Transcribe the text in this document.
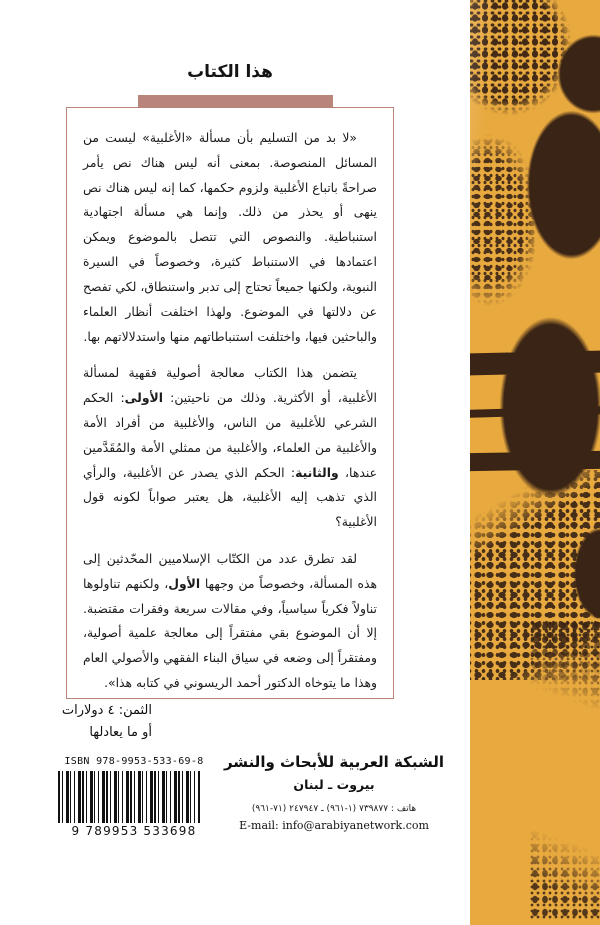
هذا الكتاب

«لا بد من التسليم بأن مسألة «الأغلبية» ليست من المسائل المنصوصة. بمعنى أنه ليس هناك نص يأمر صراحةً باتباع الأغلبية ولزوم حكمها، كما إنه ليس هناك نص ينهى أو يحذر من ذلك. وإنما هي مسألة اجتهادية استنباطية. والنصوص التي تتصل بالموضوع ويمكن اعتمادها في الاستنباط كثيرة، وخصوصاً في السيرة النبوية، ولكنها جميعاً تحتاج إلى تدبر واستنطاق، لكي تفصح عن دلالتها في الموضوع. ولهذا اختلفت أنظار العلماء والباحثين فيها، واختلفت استنباطاتهم منها واستدلالاتهم بها.

يتضمن هذا الكتاب معالجة أصولية فقهية لمسألة الأغلبية، أو الأكثرية. وذلك من ناحيتين: الأولى: الحكم الشرعي للأغلبية من الناس، والأغلبية من أفراد الأمة والأغلبية من العلماء، والأغلبية من ممثلي الأمة والمُقَدَّمين عندها، والثانية: الحكم الذي يصدر عن الأغلبية، والرأي الذي تذهب إليه الأغلبية، هل يعتبر صواباً لكونه قول الأغلبية؟

لقد تطرق عدد من الكتّاب الإسلاميين المحّدثين إلى هذه المسألة، وخصوصاً من وجهها الأول، ولكنهم تناولوها تناولاً فكرياً سياسياً، وفي مقالات سريعة وفقرات مقتضبة. إلا أن الموضوع بقي مفتقراً إلى معالجة علمية أصولية، ومفتقراً إلى وضعه في سياق البناء الفقهي والأصولي العام وهذا ما يتوخاه الدكتور أحمد الريسوني في كتابه هذا».

الثمن: ٤ دولارات
أو ما يعادلها
ISBN 978-9953-533-69-8
9 789953 533698
الشبكة العربية للأبحاث والنشر
بيروت ـ لبنان
هاتف : ٧٣٩٨٧٧ (١-٩٦١) ـ ٢٤٧٩٤٧ (٧١-٩٦١)
E-mail: info@arabiyanetwork.com
